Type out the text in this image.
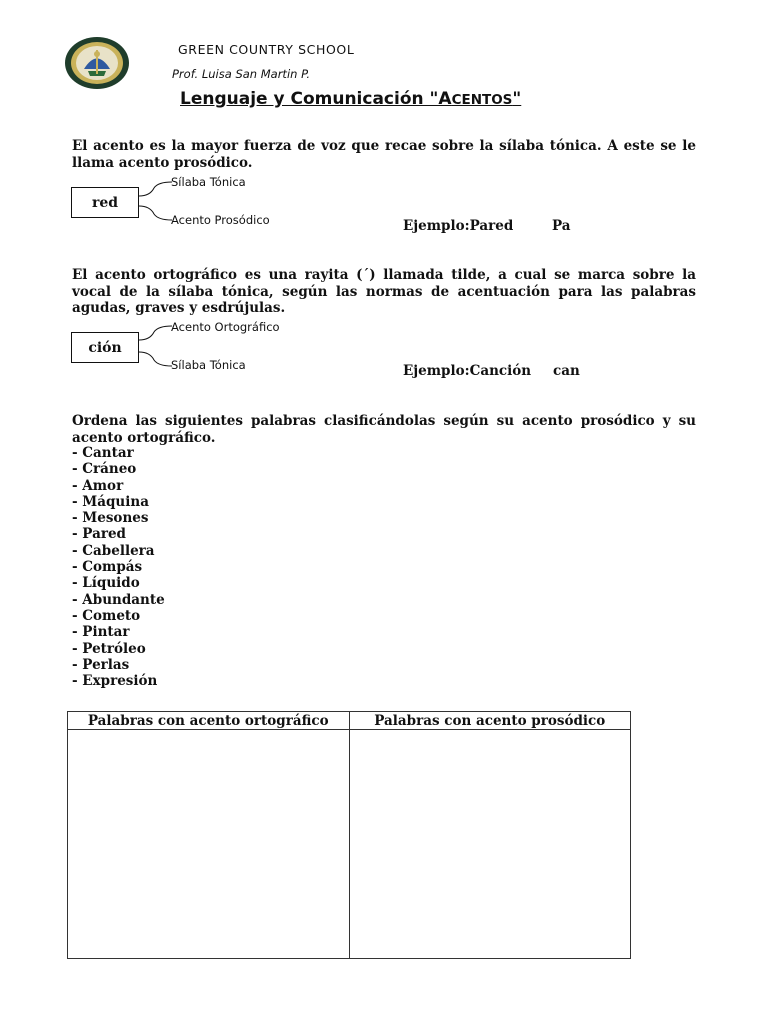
GREEN COUNTRY SCHOOL
Prof. Luisa San Martin P.
Lenguaje y Comunicación "ACENTOS"
El acento es la mayor fuerza de voz que recae sobre la sílaba tónica. A este se le llama acento prosódico.
red
Sílaba Tónica
Acento Prosódico	Ejemplo:Pared	Pa
El acento ortográfico es una rayita (´) llamada tilde, a cual se marca sobre la vocal de la sílaba tónica, según las normas de acentuación para las palabras agudas, graves y esdrújulas.
ción
Acento Ortográfico
Sílaba Tónica	Ejemplo:Canción can
Ordena las siguientes palabras clasificándolas según su acento prosódico y su acento ortográfico.
- Cantar
- Cráneo
- Amor
- Máquina
- Mesones
- Pared
- Cabellera
- Compás
- Líquido
- Abundante
- Cometo
- Pintar
- Petróleo
- Perlas
- Expresión
Palabras con acento ortográfico	Palabras con acento prosódico
